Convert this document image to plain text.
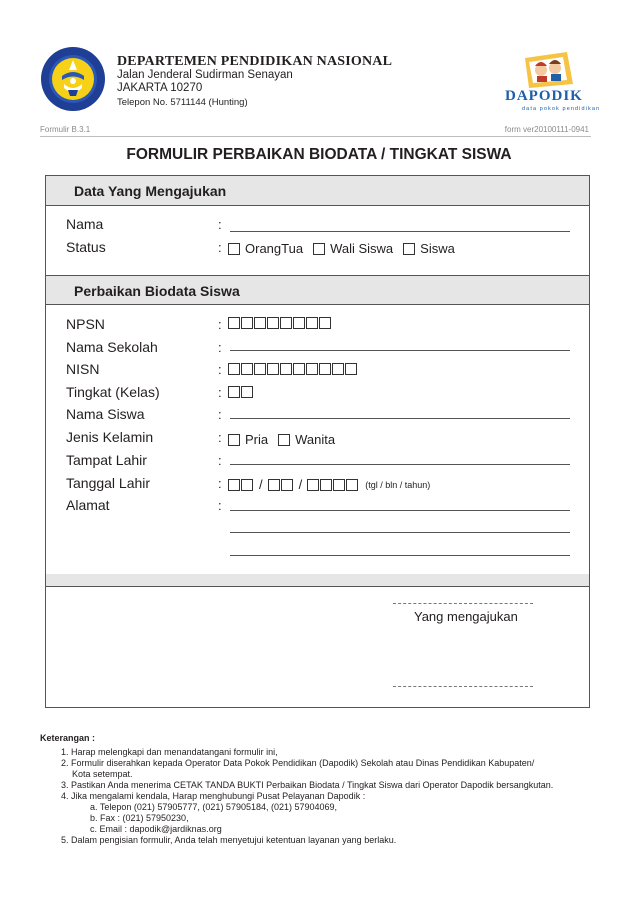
DEPARTEMEN PENDIDIKAN NASIONAL
Jalan Jenderal Sudirman Senayan
JAKARTA 10270
Telepon No. 5711144 (Hunting)	DAPODIK
data pokok pendidikan
Formulir B.3.1	form ver20100111-0941
FORMULIR PERBAIKAN BIODATA / TINGKAT SISWA
Data Yang Mengajukan
Nama	:
Status	: OrangTua Wali Siswa Siswa
Perbaikan Biodata Siswa
NPSN	:
Nama Sekolah	:
NISN	:
Tingkat (Kelas)	:
Nama Siswa	:
Jenis Kelamin	: Pria Wanita
Tampat Lahir	:
Tanggal Lahir	:	/	/	(tgl / bln / tahun)
Alamat	:
Yang mengajukan
Keterangan :
1. Harap melengkapi dan menandatangani formulir ini,
2. Formulir diserahkan kepada Operator Data Pokok Pendidikan (Dapodik) Sekolah atau Dinas Pendidikan Kabupaten/
Kota setempat.
3. Pastikan Anda menerima CETAK TANDA BUKTI Perbaikan Biodata / Tingkat Siswa dari Operator Dapodik bersangkutan.
4. Jika mengalami kendala, Harap menghubungi Pusat Pelayanan Dapodik :
a. Telepon (021) 57905777, (021) 57905184, (021) 57904069,
b. Fax : (021) 57950230,
c. Email : dapodik@jardiknas.org
5. Dalam pengisian formulir, Anda telah menyetujui ketentuan layanan yang berlaku.
